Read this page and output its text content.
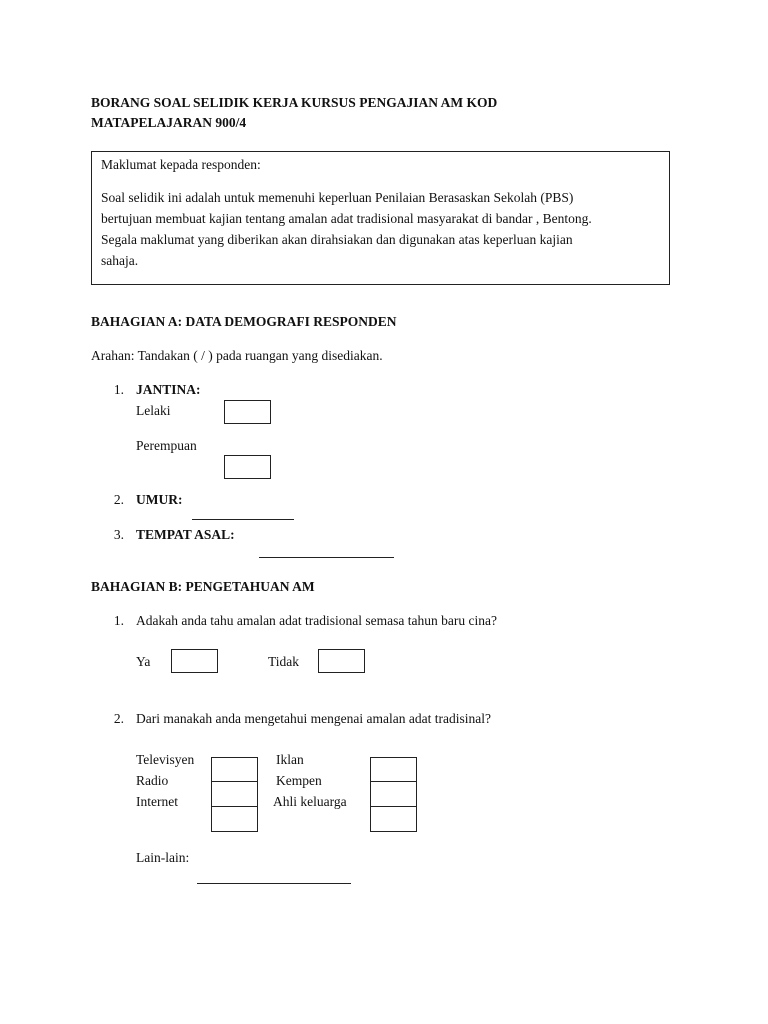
BORANG SOAL SELIDIK KERJA KURSUS PENGAJIAN AM KOD
MATAPELAJARAN 900/4
Maklumat kepada responden:
Soal selidik ini adalah untuk memenuhi keperluan Penilaian Berasaskan Sekolah (PBS)
bertujuan membuat kajian tentang amalan adat tradisional masyarakat di bandar , Bentong.
Segala maklumat yang diberikan akan dirahsiakan dan digunakan atas keperluan kajian
sahaja.
BAHAGIAN A: DATA DEMOGRAFI RESPONDEN
Arahan: Tandakan ( / ) pada ruangan yang disediakan.
1. JANTINA:
Lelaki
Perempuan
2. UMUR:
3. TEMPAT ASAL:
BAHAGIAN B: PENGETAHUAN AM
1. Adakah anda tahu amalan adat tradisional semasa tahun baru cina?
Ya	Tidak
2. Dari manakah anda mengetahui mengenai amalan adat tradisinal?
Televisyen
Radio
Internet
Iklan
Kempen
Ahli keluarga
Lain-lain:
